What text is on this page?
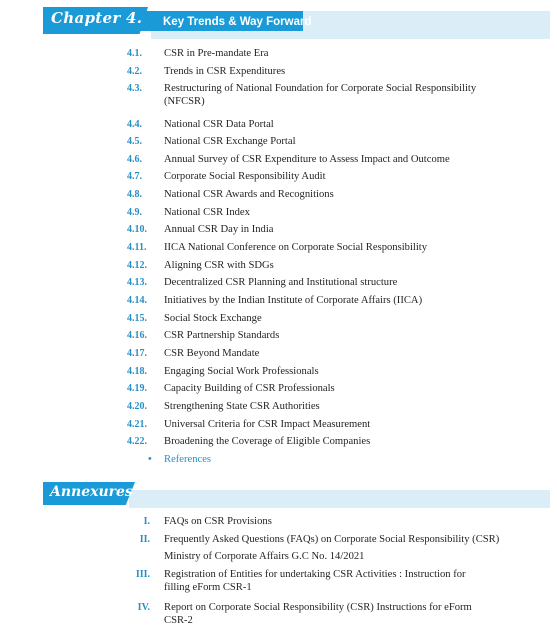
Chapter 4. Key Trends & Way Forward
4.1.	CSR in Pre-mandate Era
4.2.	Trends in CSR Expenditures
4.3.	Restructuring of National Foundation for Corporate Social Responsibility
(NFCSR)
4.4.	National CSR Data Portal
4.5.	National CSR Exchange Portal
4.6.	Annual Survey of CSR Expenditure to Assess Impact and Outcome
4.7.	Corporate Social Responsibility Audit
4.8.	National CSR Awards and Recognitions
4.9.	National CSR Index
4.10.	Annual CSR Day in India
4.11.	IICA National Conference on Corporate Social Responsibility
4.12.	Aligning CSR with SDGs
4.13.	Decentralized CSR Planning and Institutional structure
4.14.	Initiatives by the Indian Institute of Corporate Affairs (IICA)
4.15.	Social Stock Exchange
4.16.	CSR Partnership Standards
4.17.	CSR Beyond Mandate
4.18.	Engaging Social Work Professionals
4.19.	Capacity Building of CSR Professionals
4.20.	Strengthening State CSR Authorities
4.21.	Universal Criteria for CSR Impact Measurement
4.22.	Broadening the Coverage of Eligible Companies
• References
Annexures
I. FAQs on CSR Provisions
II. Frequently Asked Questions (FAQs) on Corporate Social Responsibility (CSR)
Ministry of Corporate Affairs G.C No. 14/2021
III. Registration of Entities for undertaking CSR Activities : Instruction for
filling eForm CSR-1
IV. Report on Corporate Social Responsibility (CSR) Instructions for eForm
CSR-2
